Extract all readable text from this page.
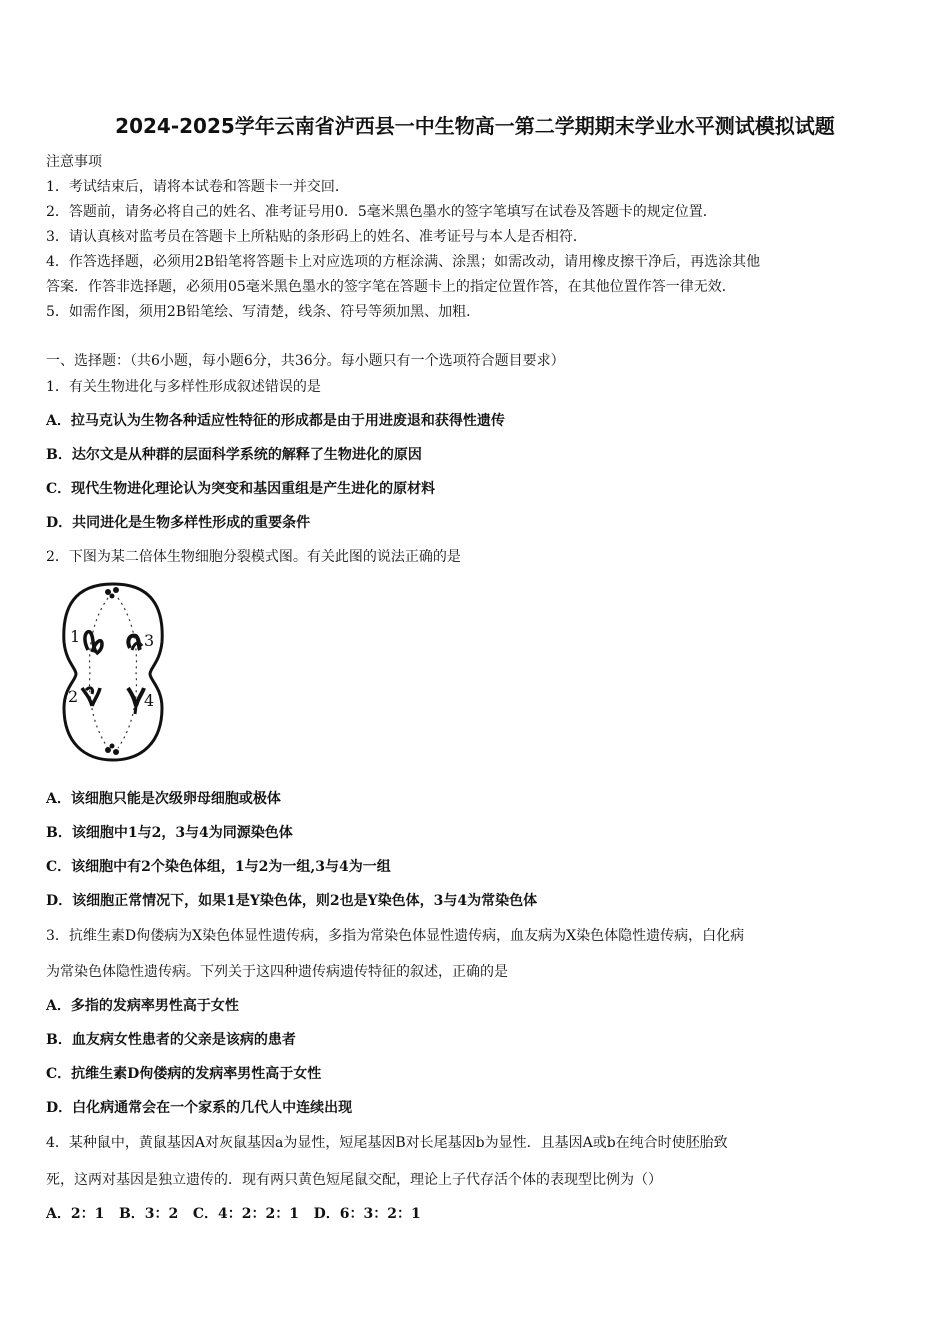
2024-2025学年云南省泸西县一中生物高一第二学期期末学业水平测试模拟试题
注意事项
1．考试结束后，请将本试卷和答题卡一并交回．
2．答题前，请务必将自己的姓名、准考证号用0．5毫米黑色墨水的签字笔填写在试卷及答题卡的规定位置．
3．请认真核对监考员在答题卡上所粘贴的条形码上的姓名、准考证号与本人是否相符．
4．作答选择题，必须用2B铅笔将答题卡上对应选项的方框涂满、涂黑；如需改动，请用橡皮擦干净后，再选涂其他
答案．作答非选择题，必须用05毫米黑色墨水的签字笔在答题卡上的指定位置作答，在其他位置作答一律无效．
5．如需作图，须用2B铅笔绘、写清楚，线条、符号等须加黑、加粗．
一、选择题：（共6小题，每小题6分，共36分。每小题只有一个选项符合题目要求）
1．有关生物进化与多样性形成叙述错误的是
A．拉马克认为生物各种适应性特征的形成都是由于用进废退和获得性遗传
B．达尔文是从种群的层面科学系统的解释了生物进化的原因
C．现代生物进化理论认为突变和基因重组是产生进化的原材料
D．共同进化是生物多样性形成的重要条件
2．下图为某二倍体生物细胞分裂模式图。有关此图的说法正确的是
1
2
3
4
A．该细胞只能是次级卵母细胞或极体
B．该细胞中1与2，3与4为同源染色体
C．该细胞中有2个染色体组，1与2为一组,3与4为一组
D．该细胞正常情况下，如果1是Y染色体，则2也是Y染色体，3与4为常染色体
3．抗维生素D佝偻病为X染色体显性遗传病，多指为常染色体显性遗传病，血友病为X染色体隐性遗传病，白化病
为常染色体隐性遗传病。下列关于这四种遗传病遗传特征的叙述，正确的是
A．多指的发病率男性高于女性
B．血友病女性患者的父亲是该病的患者
C．抗维生素D佝偻病的发病率男性高于女性
D．白化病通常会在一个家系的几代人中连续出现
4．某种鼠中，黄鼠基因A对灰鼠基因a为显性，短尾基因B对长尾基因b为显性．且基因A或b在纯合时使胚胎致
死，这两对基因是独立遗传的．现有两只黄色短尾鼠交配，理论上子代存活个体的表现型比例为（）
A．2：1   B．3：2   C．4：2：2：1   D．6：3：2：1
